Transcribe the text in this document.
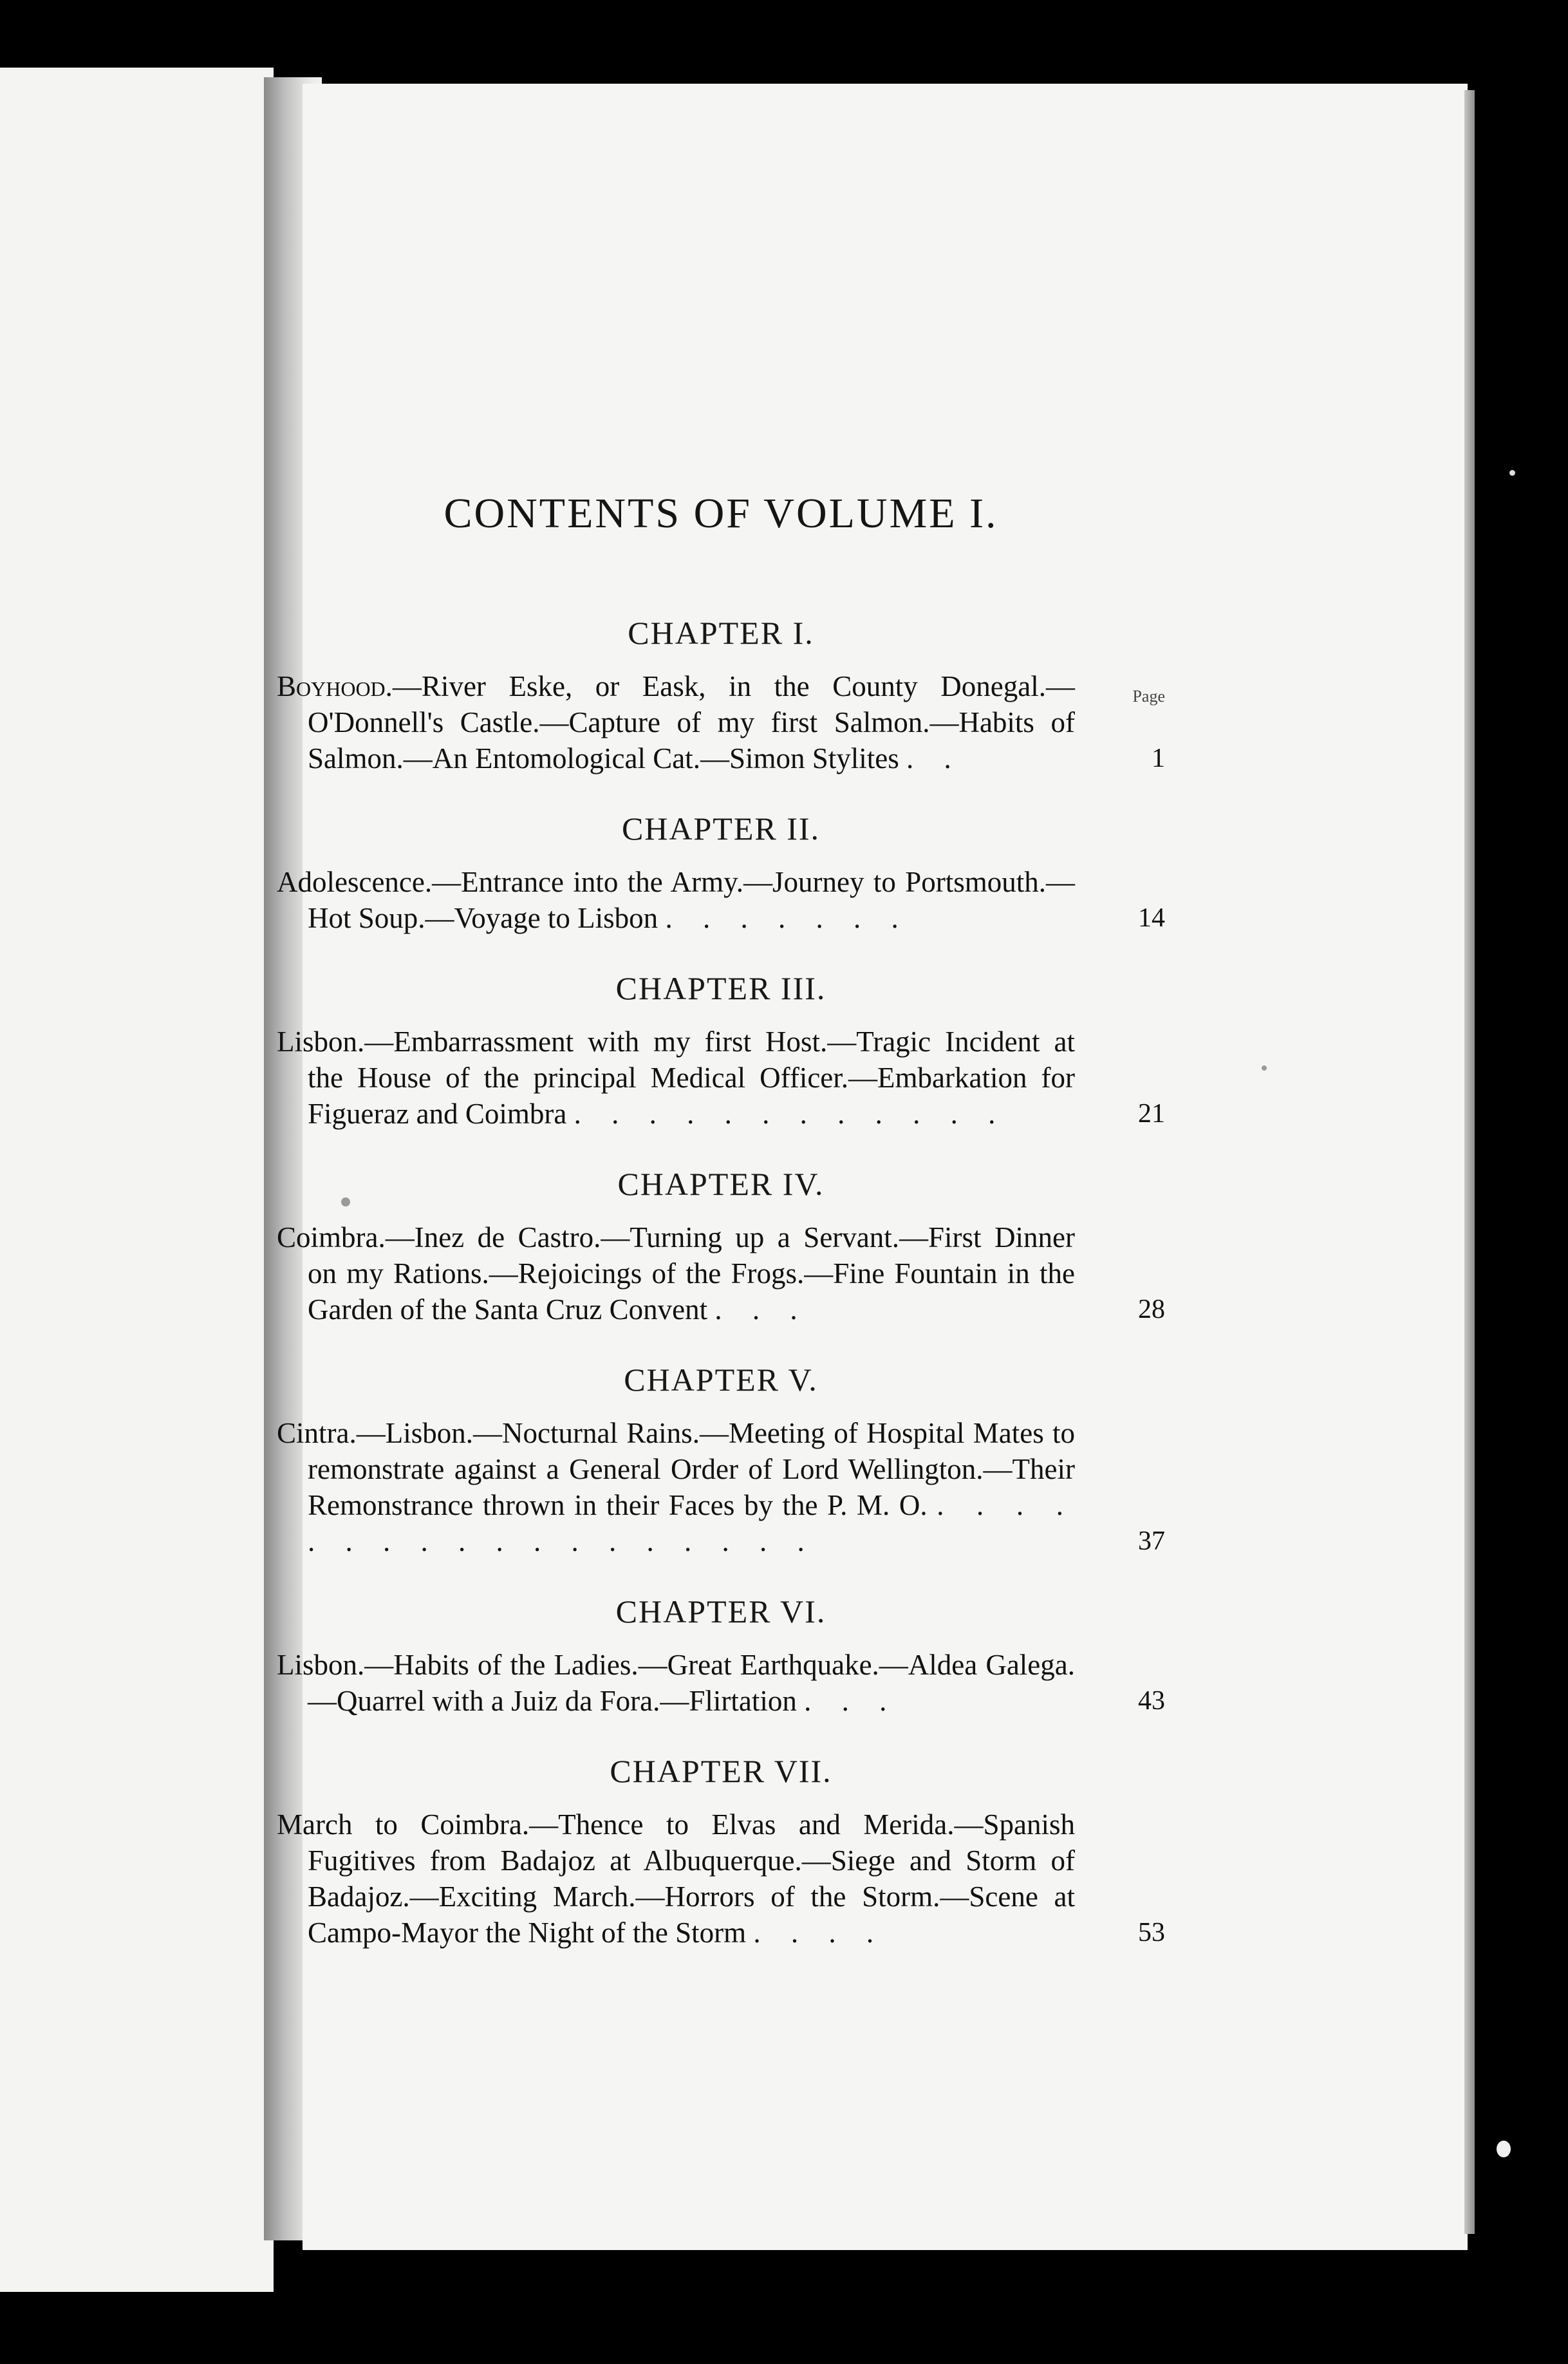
CONTENTS OF VOLUME I.
CHAPTER I.
Page
Boyhood.—River Eske, or Eask, in the County Donegal.—O'Donnell's Castle.—Capture of my first Salmon.—Habits of Salmon.—An Entomological Cat.—Simon Stylites . .	1
CHAPTER II.
Adolescence.—Entrance into the Army.—Journey to Portsmouth.—Hot Soup.—Voyage to Lisbon . . . . . . .	14
CHAPTER III.
Lisbon.—Embarrassment with my first Host.—Tragic Incident at the House of the principal Medical Officer.—Embarkation for Figueraz and Coimbra . . . . . . . . . . . .	21
CHAPTER IV.
Coimbra.—Inez de Castro.—Turning up a Servant.—First Dinner on my Rations.—Rejoicings of the Frogs.—Fine Fountain in the Garden of the Santa Cruz Convent . . .	28
CHAPTER V.
Cintra.—Lisbon.—Nocturnal Rains.—Meeting of Hospital Mates to remonstrate against a General Order of Lord Wellington.—Their Remonstrance thrown in their Faces by the P. M. O. . . . . . . . . . . . . . . . . . .	37
CHAPTER VI.
Lisbon.—Habits of the Ladies.—Great Earthquake.—Aldea Galega.—Quarrel with a Juiz da Fora.—Flirtation . . .	43
CHAPTER VII.
March to Coimbra.—Thence to Elvas and Merida.—Spanish Fugitives from Badajoz at Albuquerque.—Siege and Storm of Badajoz.—Exciting March.—Horrors of the Storm.—Scene at Campo-Mayor the Night of the Storm . . . .	53
